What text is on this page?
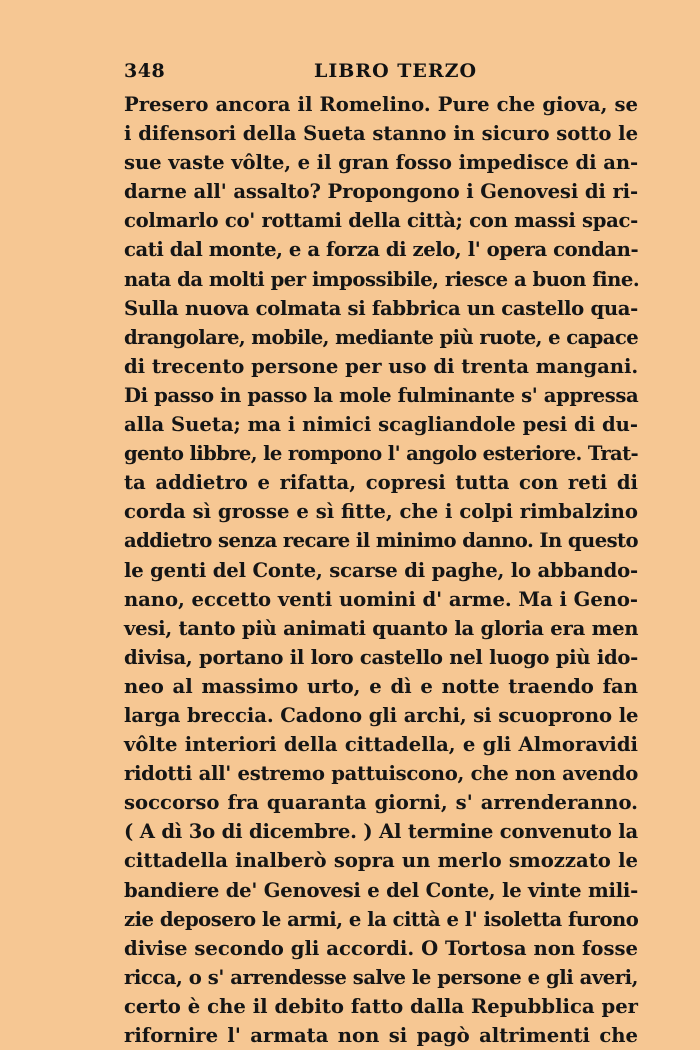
348	LIBRO TERZO
Presero ancora il Romelino. Pure che giova, se
i difensori della Sueta stanno in sicuro sotto le
sue vaste vôlte, e il gran fosso impedisce di an-
darne all' assalto? Propongono i Genovesi di ri-
colmarlo co' rottami della città; con massi spac-
cati dal monte, e a forza di zelo, l' opera condan-
nata da molti per impossibile, riesce a buon fine.
Sulla nuova colmata si fabbrica un castello qua-
drangolare, mobile, mediante più ruote, e capace
di trecento persone per uso di trenta mangani.
Di passo in passo la mole fulminante s' appressa
alla Sueta; ma i nimici scagliandole pesi di du-
gento libbre, le rompono l' angolo esteriore. Trat-
ta addietro e rifatta, copresi tutta con reti di
corda sì grosse e sì fitte, che i colpi rimbalzino
addietro senza recare il minimo danno. In questo
le genti del Conte, scarse di paghe, lo abbando-
nano, eccetto venti uomini d' arme. Ma i Geno-
vesi, tanto più animati quanto la gloria era men
divisa, portano il loro castello nel luogo più ido-
neo al massimo urto, e dì e notte traendo fan
larga breccia. Cadono gli archi, si scuoprono le
vôlte interiori della cittadella, e gli Almoravidi
ridotti all' estremo pattuiscono, che non avendo
soccorso fra quaranta giorni, s' arrenderanno.
( A dì 3o di dicembre. ) Al termine convenuto la
cittadella inalberò sopra un merlo smozzato le
bandiere de' Genovesi e del Conte, le vinte mili-
zie deposero le armi, e la città e l' isoletta furono
divise secondo gli accordi. O Tortosa non fosse
ricca, o s' arrendesse salve le persone e gli averi,
certo è che il debito fatto dalla Repubblica per
rifornire l' armata non si pagò altrimenti che
